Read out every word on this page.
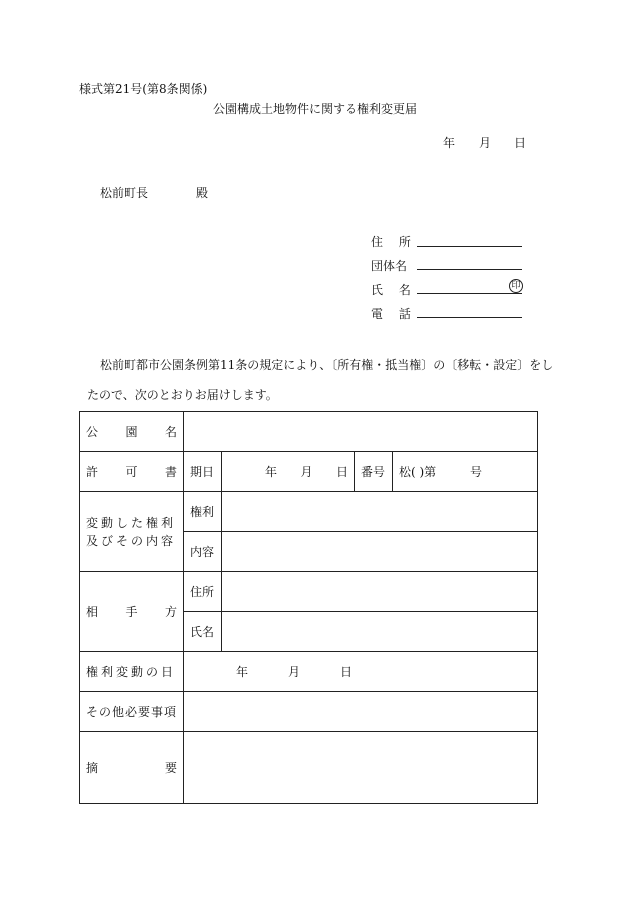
様式第21号(第8条関係)
公園構成土地物件に関する権利変更届
年 月 日
松前町長	殿
住 所
団体名
氏 名	印
電 話
松前町都市公園条例第11条の規定により、〔所有権・抵当権〕の〔移転・設定〕をし
たので、次のとおりお届けします。
公 園 名				

許 可 書	期日	年 月 日	番号	松( )第 号

変動した権利
及びその内容	権利			
	内容			

相 手 方	住所			
	氏名			
権利変動の日	年 月 日			

その他必要事項				

摘 要				
